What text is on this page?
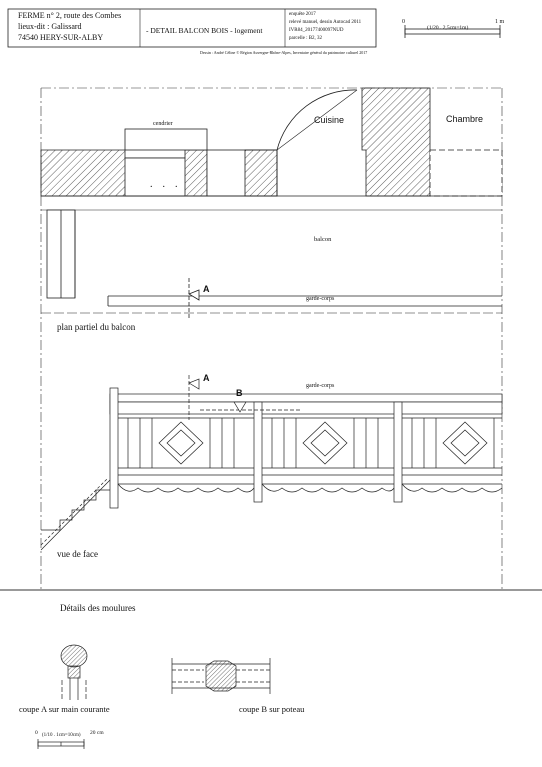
FERME n° 2, route des Combes
lieux-dit : Galissard
74540 HERY-SUR-ALBY
- DETAIL BALCON BOIS - logement
enquête 2017
relevé manuel, dessin Autocad 2011
IVR84_20177400097NUD
parcelle : B2, 32
Dessin : André Céline © Région Auvergne-Rhône-Alpes, Inventaire général du patrimoine culturel 2017
0
(1/20 . 2,5cm=1m)
1 m
Cuisine	Chambre
cendrier
...
balcon
garde-corps
A
plan partiel du balcon
A
B
garde-corps
vue de face
Détails des moulures
coupe A sur main courante	coupe B sur poteau
0 (1/10 . 1cm=10cm) 20 cm
